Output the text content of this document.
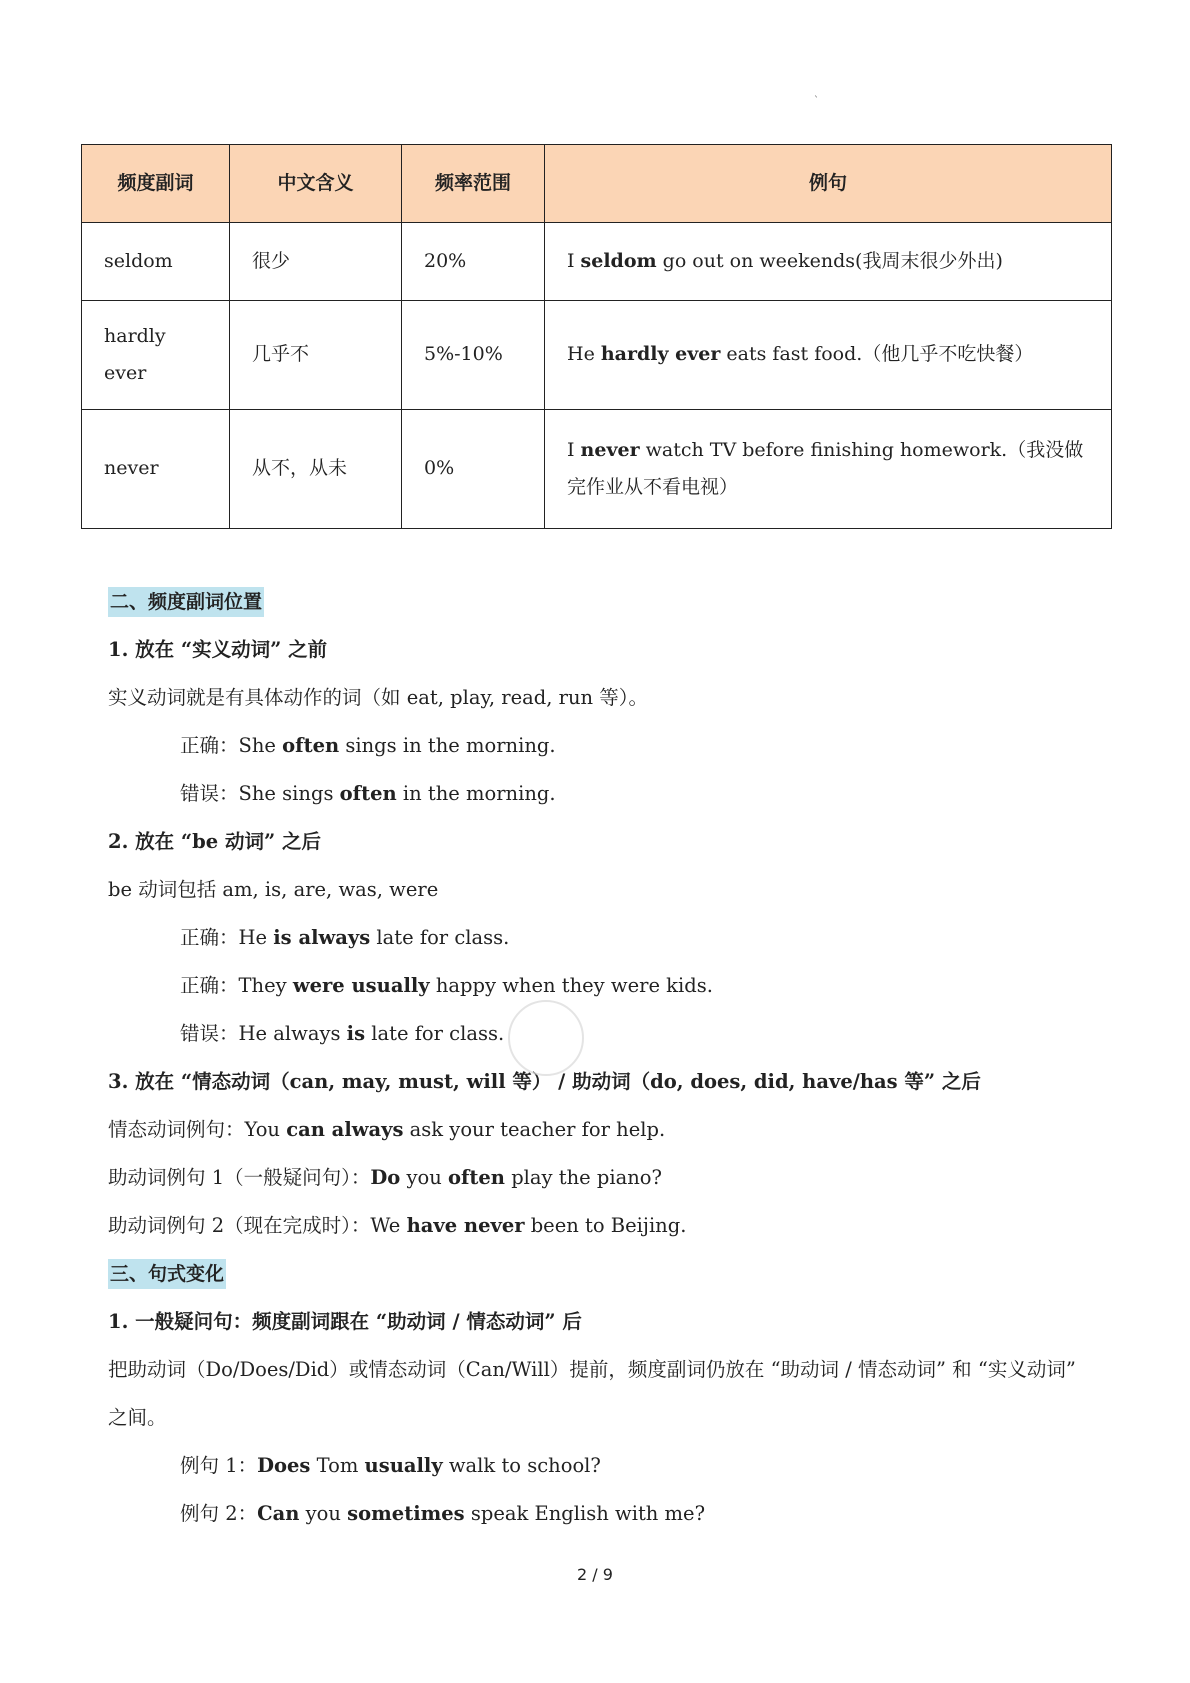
`
频度副词	中文含义	频率范围	例句
seldom	很少	20%	I seldom go out on weekends(我周末很少外出)

hardly ever	几乎不	5%-10%	He hardly ever eats fast food.（他几乎不吃快餐）
never	从不，从未	0%	I never watch TV before finishing homework.（我没做完作业从不看电视）
二、频度副词位置
1. 放在 “实义动词” 之前
实义动词就是有具体动作的词（如 eat, play, read, run 等）。
正确：She often sings in the morning.
错误：She sings often in the morning.
2. 放在 “be 动词” 之后
be 动词包括 am, is, are, was, were
正确：He is always late for class.
正确：They were usually happy when they were kids.
错误：He always is late for class.
3. 放在 “情态动词（can, may, must, will 等） / 助动词（do, does, did, have/has 等” 之后
情态动词例句：You can always ask your teacher for help.
助动词例句 1（一般疑问句）：Do you often play the piano?
助动词例句 2（现在完成时）：We have never been to Beijing.
三、句式变化
1. 一般疑问句：频度副词跟在 “助动词 / 情态动词” 后
把助动词（Do/Does/Did）或情态动词（Can/Will）提前，频度副词仍放在 “助动词 / 情态动词” 和 “实义动词” 之间。
例句 1：Does Tom usually walk to school?
例句 2：Can you sometimes speak English with me?
2 / 9
